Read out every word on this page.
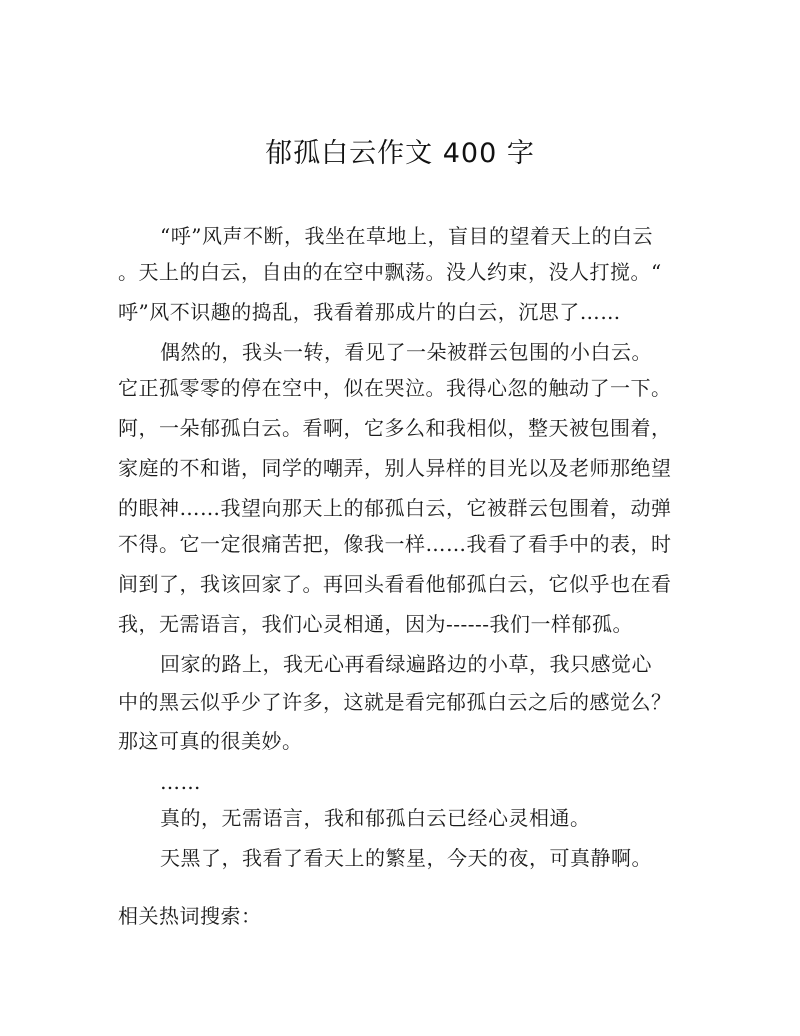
郁孤白云作文 400 字
“呼”风声不断，我坐在草地上，盲目的望着天上的白云
。天上的白云，自由的在空中飘荡。没人约束，没人打搅。“
呼”风不识趣的捣乱，我看着那成片的白云，沉思了……
偶然的，我头一转，看见了一朵被群云包围的小白云。
它正孤零零的停在空中，似在哭泣。我得心忽的触动了一下。
阿，一朵郁孤白云。看啊，它多么和我相似，整天被包围着，
家庭的不和谐，同学的嘲弄，别人异样的目光以及老师那绝望
的眼神……我望向那天上的郁孤白云，它被群云包围着，动弹
不得。它一定很痛苦把，像我一样……我看了看手中的表，时
间到了，我该回家了。再回头看看他郁孤白云，它似乎也在看
我，无需语言，我们心灵相通，因为------我们一样郁孤。
回家的路上，我无心再看绿遍路边的小草，我只感觉心
中的黑云似乎少了许多，这就是看完郁孤白云之后的感觉么？
那这可真的很美妙。
……
真的，无需语言，我和郁孤白云已经心灵相通。
天黑了，我看了看天上的繁星，今天的夜，可真静啊。
相关热词搜索：
